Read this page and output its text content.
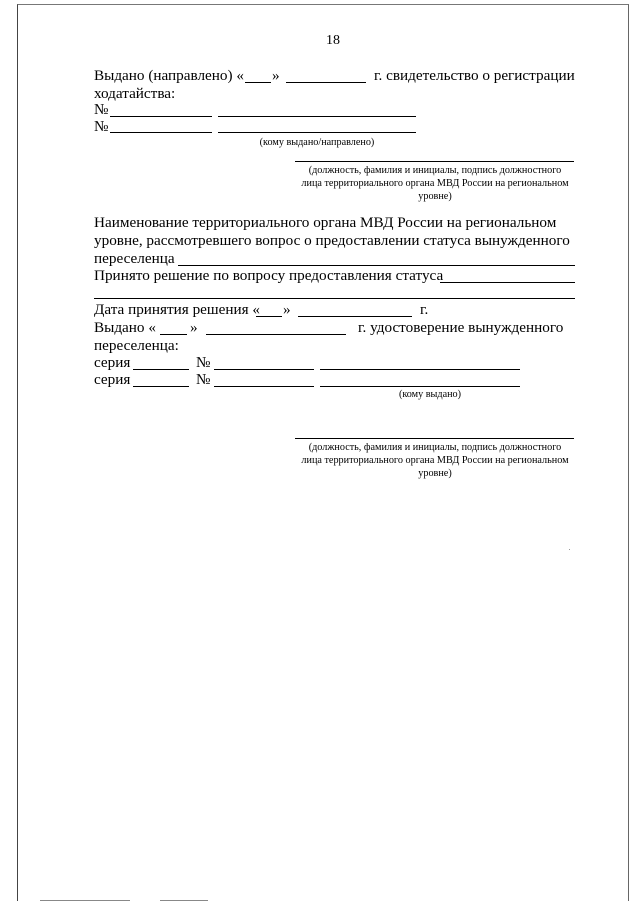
18
Выдано (направлено) « »	г. свидетельство о регистрации
ходатайства:
№
№
(кому выдано/направлено)
(должность, фамилия и инициалы, подпись должностного
лица территориального органа МВД России на региональном
уровне)
Наименование территориального органа МВД России на региональном
уровне, рассмотревшего вопрос о предоставлении статуса вынужденного
переселенца
Принято решение по вопросу предоставления статуса
Дата принятия решения « »	г.
Выдано « »	г. удостоверение вынужденного
переселенца:
серия	№
серия	№
(кому выдано)
(должность, фамилия и инициалы, подпись должностного
лица территориального органа МВД России на региональном
уровне)
